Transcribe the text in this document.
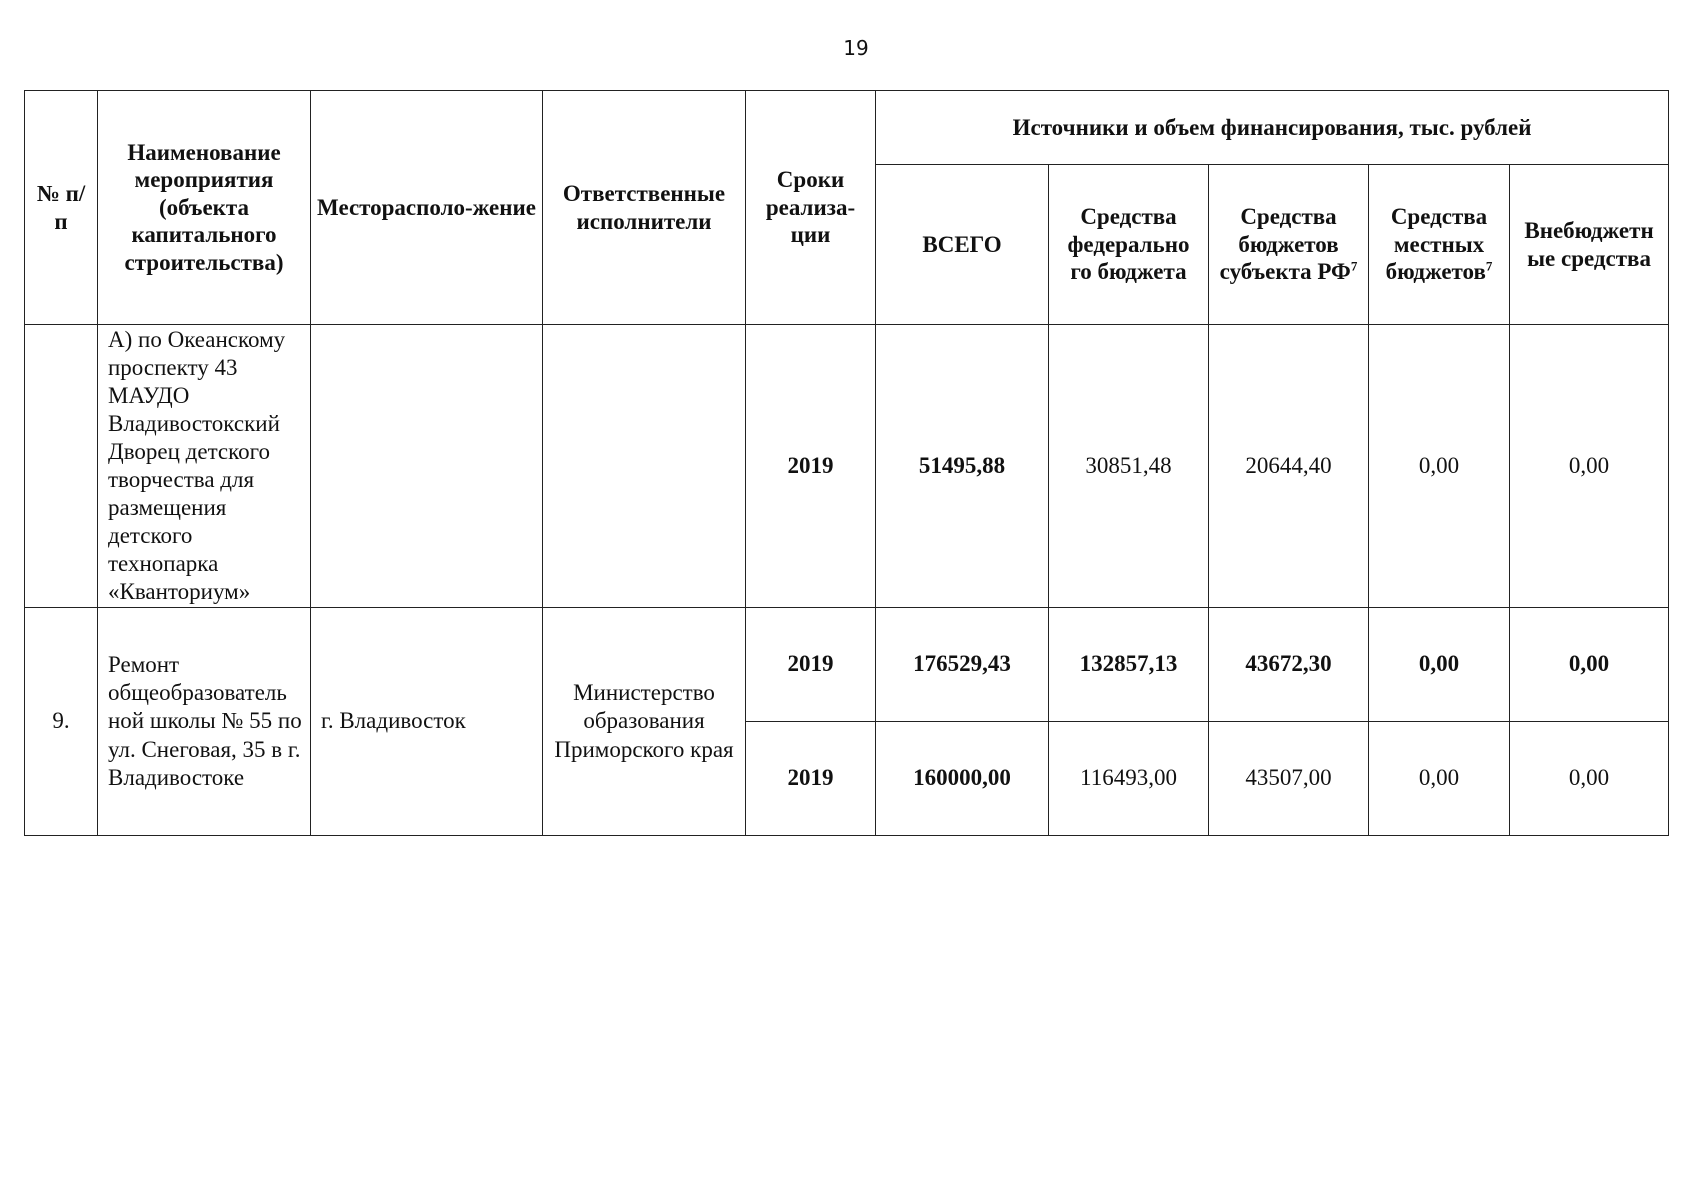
19
№ п/п	Наименование мероприятия (объекта капитального строительства)	Месторасполо-жение	Ответственные исполнители	Сроки реализа-ции	Источники и объем финансирования, тыс. рублей				
					ВСЕГО	Средства федерально го бюджета	Средства бюджетов субъекта $РФ^7$	Средства местных бюджетов$^7$	Внебюджетн ые средства
	А) по Океанскому проспекту 43 МАУДО Владивостокский Дворец детского творчества для размещения детского технопарка «Кванториум»			2019	51495,88	30851,48	20644,40	0,00	0,00
9.	Ремонт общеобразователь ной школы № 55 по ул. Снеговая, 35 в г. Владивостоке	г. Владивосток	Министерство образования Приморского края	2019	176529,43	132857,13	43672,30	0,00	0,00
				2019	160000,00	116493,00	43507,00	0,00	0,00
